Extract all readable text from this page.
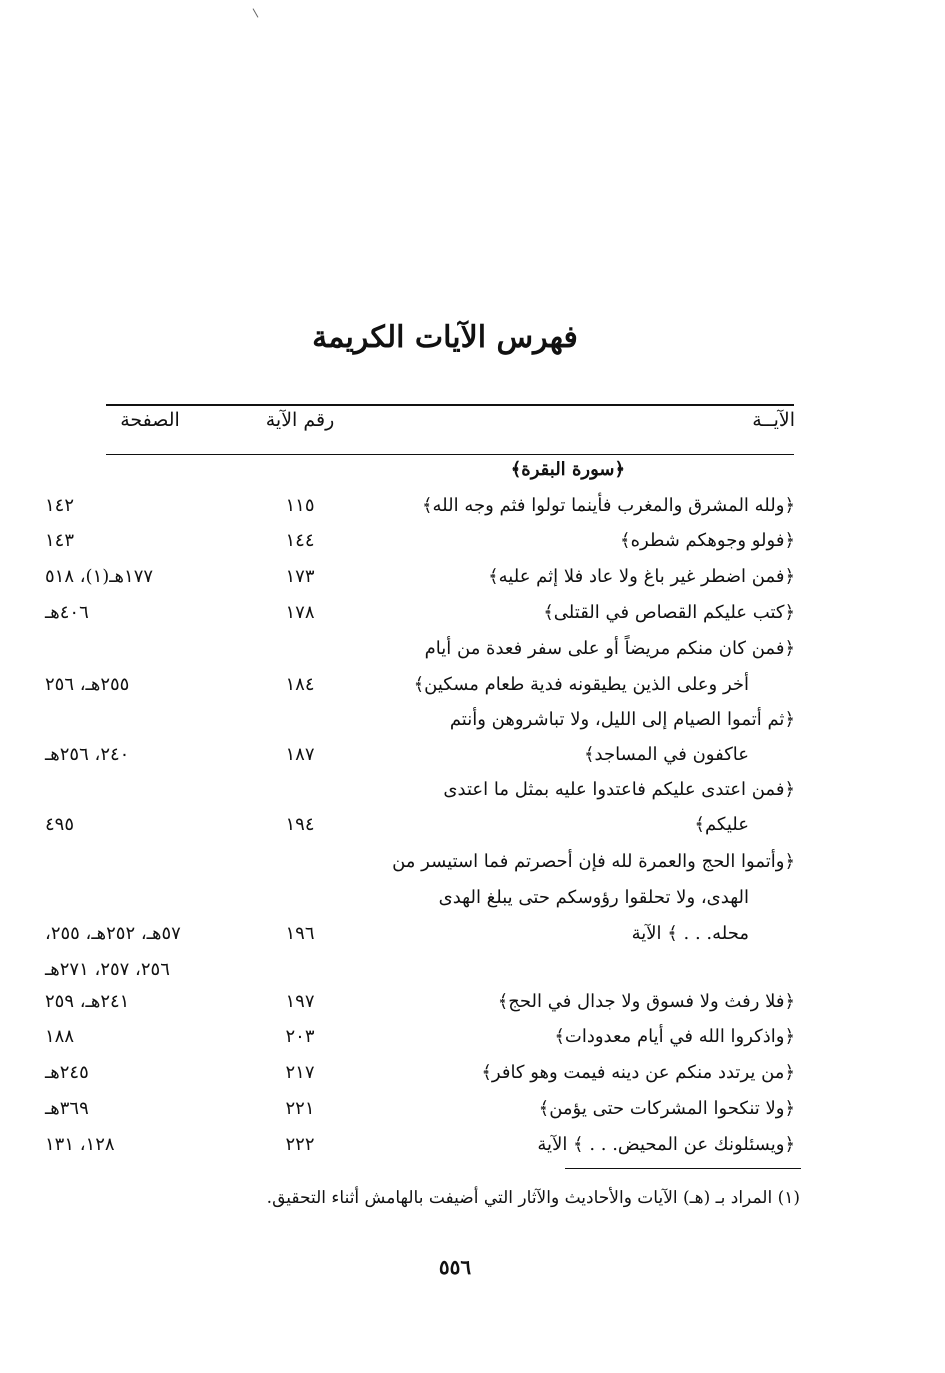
فهرس الآيات الكريمة
الآيــة
رقم الآية
الصفحة
﴿سورة البقرة﴾
﴿ولله المشرق والمغرب فأينما تولوا فثم وجه الله﴾
١١٥
١٤٢
﴿فولو وجوهكم شطره﴾
١٤٤
١٤٣
﴿فمن اضطر غير باغ ولا عاد فلا إثم عليه﴾
١٧٣
١٧٧هـ(١)، ٥١٨
﴿كتب عليكم القصاص في القتلى﴾
١٧٨
٤٠٦هـ
﴿فمن كان منكم مريضاً أو على سفر فعدة من أيام
أخر وعلى الذين يطيقونه فدية طعام مسكين﴾
١٨٤
٢٥٥هـ، ٢٥٦
﴿ثم أتموا الصيام إلى الليل، ولا تباشروهن وأنتم
عاكفون في المساجد﴾
١٨٧
٢٤٠، ٢٥٦هـ
﴿فمن اعتدى عليكم فاعتدوا عليه بمثل ما اعتدى
عليكم﴾
١٩٤
٤٩٥
﴿وأتموا الحج والعمرة لله فإن أحصرتم فما استيسر من
الهدى، ولا تحلقوا رؤوسكم حتى يبلغ الهدى
محله. . . ﴾ الآية
١٩٦
٥٧هـ، ٢٥٢هـ، ٢٥٥،
٢٥٦، ٢٥٧، ٢٧١هـ
﴿فلا رفث ولا فسوق ولا جدال في الحج﴾
١٩٧
٢٤١هـ، ٢٥٩
﴿واذكروا الله في أيام معدودات﴾
٢٠٣
١٨٨
﴿من يرتدد منكم عن دينه فيمت وهو كافر﴾
٢١٧
٢٤٥هـ
﴿ولا تنكحوا المشركات حتى يؤمن﴾
٢٢١
٣٦٩هـ
﴿ويسئلونك عن المحيض. . . ﴾ الآية
٢٢٢
١٢٨، ١٣١
(١) المراد بـ (هـ) الآيات والأحاديث والآثار التي أضيفت بالهامش أثناء التحقيق.
٥٥٦
